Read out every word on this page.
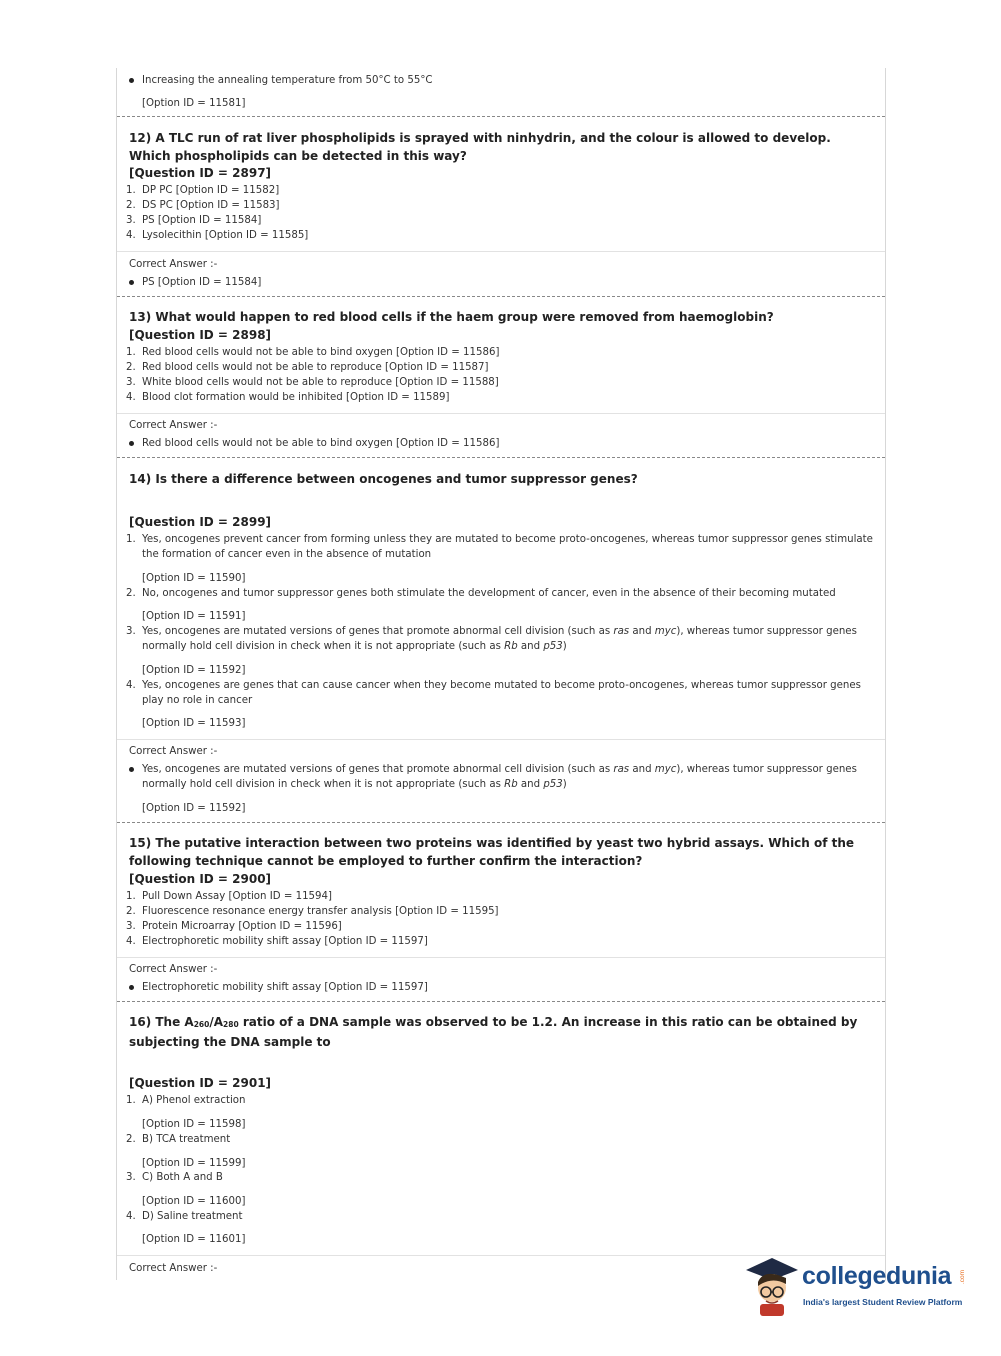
Increasing the annealing temperature from 50°C to 55°C
[Option ID = 11581]
12) A TLC run of rat liver phospholipids is sprayed with ninhydrin, and the colour is allowed to develop. Which phospholipids can be detected in this way?
[Question ID = 2897]
1. DP PC [Option ID = 11582]
2. DS PC [Option ID = 11583]
3. PS [Option ID = 11584]
4. Lysolecithin [Option ID = 11585]
Correct Answer :-
PS [Option ID = 11584]
13) What would happen to red blood cells if the haem group were removed from haemoglobin?
[Question ID = 2898]
1. Red blood cells would not be able to bind oxygen [Option ID = 11586]
2. Red blood cells would not be able to reproduce [Option ID = 11587]
3. White blood cells would not be able to reproduce [Option ID = 11588]
4. Blood clot formation would be inhibited [Option ID = 11589]
Correct Answer :-
Red blood cells would not be able to bind oxygen [Option ID = 11586]
14) Is there a difference between oncogenes and tumor suppressor genes?
[Question ID = 2899]
1. Yes, oncogenes prevent cancer from forming unless they are mutated to become proto-oncogenes, whereas tumor suppressor genes stimulate the formation of cancer even in the absence of mutation
[Option ID = 11590]
2. No, oncogenes and tumor suppressor genes both stimulate the development of cancer, even in the absence of their becoming mutated
[Option ID = 11591]
3. Yes, oncogenes are mutated versions of genes that promote abnormal cell division (such as ras and myc), whereas tumor suppressor genes normally hold cell division in check when it is not appropriate (such as Rb and p53)
[Option ID = 11592]
4. Yes, oncogenes are genes that can cause cancer when they become mutated to become proto-oncogenes, whereas tumor suppressor genes play no role in cancer
[Option ID = 11593]
Correct Answer :-
Yes, oncogenes are mutated versions of genes that promote abnormal cell division (such as ras and myc), whereas tumor suppressor genes normally hold cell division in check when it is not appropriate (such as Rb and p53)
[Option ID = 11592]
15) The putative interaction between two proteins was identified by yeast two hybrid assays. Which of the following technique cannot be employed to further confirm the interaction?
[Question ID = 2900]
1. Pull Down Assay [Option ID = 11594]
2. Fluorescence resonance energy transfer analysis [Option ID = 11595]
3. Protein Microarray [Option ID = 11596]
4. Electrophoretic mobility shift assay [Option ID = 11597]
Correct Answer :-
Electrophoretic mobility shift assay [Option ID = 11597]
16) The $A_{260}/A_{280}$ ratio of a DNA sample was observed to be 1.2. An increase in this ratio can be obtained by subjecting the DNA sample to
[Question ID = 2901]
1. A) Phenol extraction
[Option ID = 11598]
2. B) TCA treatment
[Option ID = 11599]
3. C) Both A and B
[Option ID = 11600]
4. D) Saline treatment
[Option ID = 11601]
Correct Answer :-	collegedunia .com
India's largest Student Review Platform
